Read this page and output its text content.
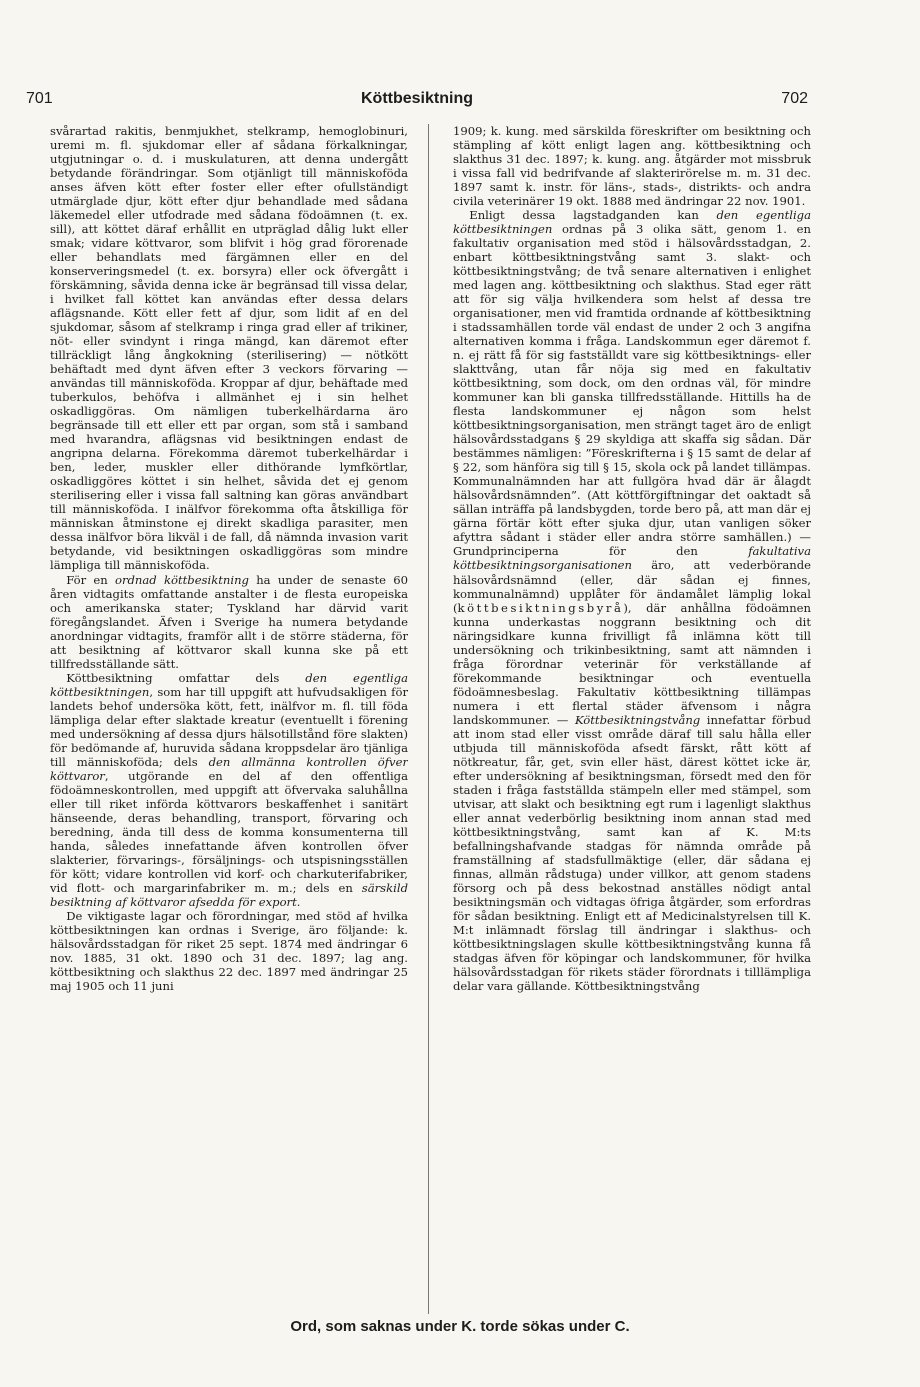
701	Köttbesiktning	702

svårartad rakitis, benmjukhet, stelkramp, hemoglobinuri, uremi m. fl. sjukdomar eller af sådana förkalkningar, utgjutningar o. d. i muskulaturen, att denna undergått betydande förändringar. Som otjänligt till människoföda anses äfven kött efter foster eller efter ofullständigt utmärglade djur, kött efter djur behandlade med sådana läkemedel eller utfodrade med sådana födoämnen (t. ex. sill), att köttet däraf erhållit en utpräglad dålig lukt eller smak; vidare köttvaror, som blifvit i hög grad förorenade eller behandlats med färgämnen eller en del konserveringsmedel (t. ex. borsyra) eller ock öfvergått i förskämning, såvida denna icke är begränsad till vissa delar, i hvilket fall köttet kan användas efter dessa delars aflägsnande. Kött eller fett af djur, som lidit af en del sjukdomar, såsom af stelkramp i ringa grad eller af trikiner, nöt- eller svindynt i ringa mängd, kan däremot efter tillräckligt lång ångkokning (sterilisering) — nötkött behäftadt med dynt äfven efter 3 veckors förvaring — användas till människoföda. Kroppar af djur, behäftade med tuberkulos, behöfva i allmänhet ej i sin helhet oskadliggöras. Om nämligen tuberkelhärdarna äro begränsade till ett eller ett par organ, som stå i samband med hvarandra, aflägsnas vid besiktningen endast de angripna delarna. Förekomma däremot tuberkelhärdar i ben, leder, muskler eller dithörande lymfkörtlar, oskadliggöres köttet i sin helhet, såvida det ej genom sterilisering eller i vissa fall saltning kan göras användbart till människoföda. I inälfvor förekomma ofta åtskilliga för människan åtminstone ej direkt skadliga parasiter, men dessa inälfvor böra likväl i de fall, då nämnda invasion varit betydande, vid besiktningen oskadliggöras som mindre lämpliga till människoföda.

För en ordnad köttbesiktning ha under de senaste 60 åren vidtagits omfattande anstalter i de flesta europeiska och amerikanska stater; Tyskland har därvid varit föregångslandet. Äfven i Sverige ha numera betydande anordningar vidtagits, framför allt i de större städerna, för att besiktning af köttvaror skall kunna ske på ett tillfredsställande sätt.

Köttbesiktning omfattar dels den egentliga köttbesiktningen, som har till uppgift att hufvudsakligen för landets behof undersöka kött, fett, inälfvor m. fl. till föda lämpliga delar efter slaktade kreatur (eventuellt i förening med undersökning af dessa djurs hälsotillstånd före slakten) för bedömande af, huruvida sådana kroppsdelar äro tjänliga till människoföda; dels den allmänna kontrollen öfver köttvaror, utgörande en del af den offentliga födoämneskontrollen, med uppgift att öfvervaka saluhållna eller till riket införda köttvarors beskaffenhet i sanitärt hänseende, deras behandling, transport, förvaring och beredning, ända till dess de komma konsumenterna till handa, således innefattande äfven kontrollen öfver slakterier, förvarings-, försäljnings- och utspisningsställen för kött; vidare kontrollen vid korf- och charkuterifabriker, vid flott- och margarinfabriker m. m.; dels en särskild besiktning af köttvaror afsedda för export.

De viktigaste lagar och förordningar, med stöd af hvilka köttbesiktningen kan ordnas i Sverige, äro följande: k. hälsovårdsstadgan för riket 25 sept. 1874 med ändringar 6 nov. 1885, 31 okt. 1890 och 31 dec. 1897; lag ang. köttbesiktning och slakthus 22 dec. 1897 med ändringar 25 maj 1905 och 11 juni

1909; k. kung. med särskilda föreskrifter om besiktning och stämpling af kött enligt lagen ang. köttbesiktning och slakthus 31 dec. 1897; k. kung. ang. åtgärder mot missbruk i vissa fall vid bedrifvande af slakterirörelse m. m. 31 dec. 1897 samt k. instr. för läns-, stads-, distrikts- och andra civila veterinärer 19 okt. 1888 med ändringar 22 nov. 1901.

Enligt dessa lagstadganden kan den egentliga köttbesiktningen ordnas på 3 olika sätt, genom 1. en fakultativ organisation med stöd i hälsovårdsstadgan, 2. enbart köttbesiktningstvång samt 3. slakt- och köttbesiktningstvång; de två senare alternativen i enlighet med lagen ang. köttbesiktning och slakthus. Stad eger rätt att för sig välja hvilkendera som helst af dessa tre organisationer, men vid framtida ordnande af köttbesiktning i stadssamhällen torde väl endast de under 2 och 3 angifna alternativen komma i fråga. Landskommun eger däremot f. n. ej rätt få för sig fastställdt vare sig köttbesiktnings- eller slakttvång, utan får nöja sig med en fakultativ köttbesiktning, som dock, om den ordnas väl, för mindre kommuner kan bli ganska tillfredsställande. Hittills ha de flesta landskommuner ej någon som helst köttbesiktningsorganisation, men strängt taget äro de enligt hälsovårdsstadgans § 29 skyldiga att skaffa sig sådan. Där bestämmes nämligen: ”Föreskrifterna i § 15 samt de delar af § 22, som hänföra sig till § 15, skola ock på landet tillämpas. Kommunalnämnden har att fullgöra hvad där är ålagdt hälsovårdsnämnden”. (Att köttförgiftningar det oaktadt så sällan inträffa på landsbygden, torde bero på, att man där ej gärna förtär kött efter sjuka djur, utan vanligen söker afyttra sådant i städer eller andra större samhällen.) — Grundprinciperna för den fakultativa köttbesiktningsorganisationen äro, att vederbörande hälsovårdsnämnd (eller, där sådan ej finnes, kommunalnämnd) upplåter för ändamålet lämplig lokal (köttbesiktningsbyrå), där anhållna födoämnen kunna underkastas noggrann besiktning och dit näringsidkare kunna frivilligt få inlämna kött till undersökning och trikinbesiktning, samt att nämnden i fråga förordnar veterinär för verkställande af förekommande besiktningar och eventuella födoämnesbeslag. Fakultativ köttbesiktning tillämpas numera i ett flertal städer äfvensom i några landskommuner. — Köttbesiktningstvång innefattar förbud att inom stad eller visst område däraf till salu hålla eller utbjuda till människoföda afsedt färskt, rått kött af nötkreatur, får, get, svin eller häst, därest köttet icke är, efter undersökning af besiktningsman, försedt med den för staden i fråga fastställda stämpeln eller med stämpel, som utvisar, att slakt och besiktning egt rum i lagenligt slakthus eller annat vederbörlig besiktning inom annan stad med köttbesiktningstvång, samt kan af K. M:ts befallningshafvande stadgas för nämnda område på framställning af stadsfullmäktige (eller, där sådana ej finnas, allmän rådstuga) under villkor, att genom stadens försorg och på dess bekostnad anställes nödigt antal besiktningsmän och vidtagas öfriga åtgärder, som erfordras för sådan besiktning. Enligt ett af Medicinalstyrelsen till K. M:t inlämnadt förslag till ändringar i slakthus- och köttbesiktningslagen skulle köttbesiktningstvång kunna få stadgas äfven för köpingar och landskommuner, för hvilka hälsovårdsstadgan för rikets städer förordnats i tilllämpliga delar vara gällande. Köttbesiktningstvång

Ord, som saknas under K. torde sökas under C.
